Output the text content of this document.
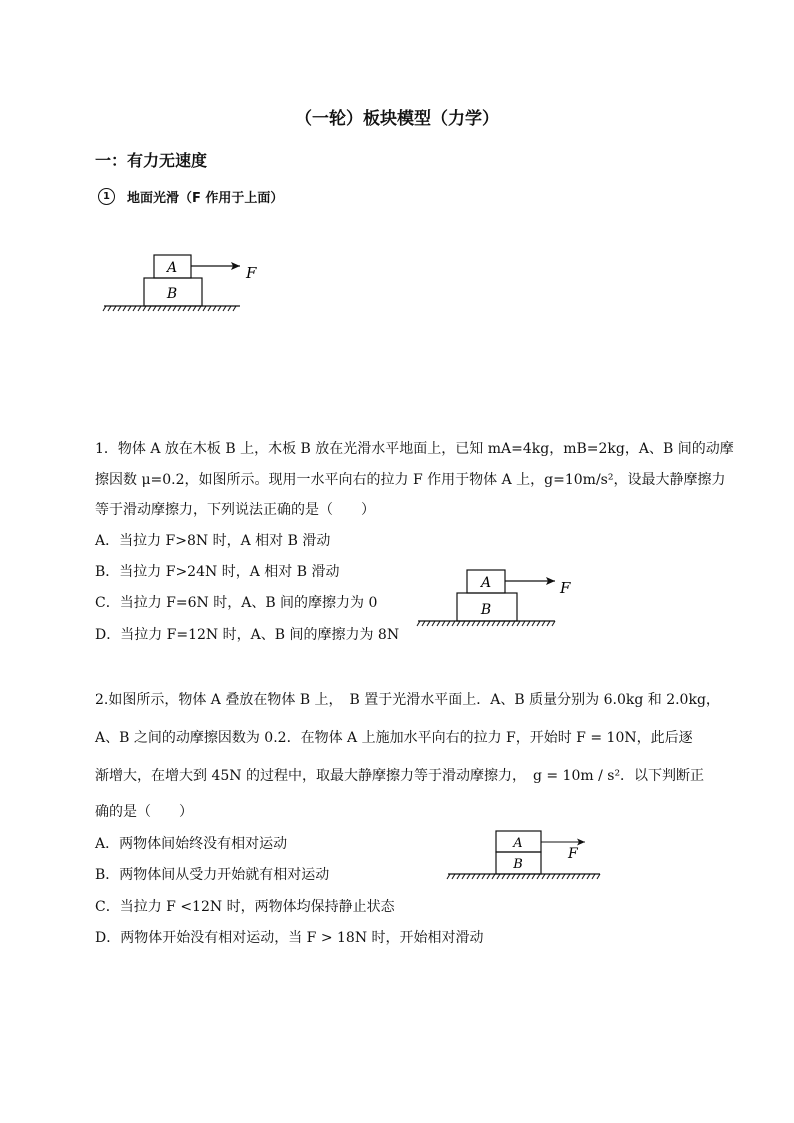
（一轮）板块模型（力学）
一：有力无速度
1	地面光滑（F 作用于上面）
A
B
F
1．物体 A 放在木板 B 上，木板 B 放在光滑水平地面上，已知 mA=4kg，mB=2kg，A、B 间的动摩
擦因数 μ=0.2，如图所示。现用一水平向右的拉力 F 作用于物体 A 上，g=10m/s²，设最大静摩擦力
等于滑动摩擦力，下列说法正确的是（　　）
A．当拉力 F>8N 时，A 相对 B 滑动
B．当拉力 F>24N 时，A 相对 B 滑动
C．当拉力 F=6N 时，A、B 间的摩擦力为 0
D．当拉力 F=12N 时，A、B 间的摩擦力为 8N
A
B
F
2.如图所示，物体 A 叠放在物体 B 上，　B 置于光滑水平面上．A、B 质量分别为 6.0kg 和 2.0kg，
A、B 之间的动摩擦因数为 0.2．在物体 A 上施加水平向右的拉力 F，开始时 F = 10N，此后逐
渐增大，在增大到 45N 的过程中，取最大静摩擦力等于滑动摩擦力，　g = 10m / s²．以下判断正
确的是（　　）
A．两物体间始终没有相对运动
B．两物体间从受力开始就有相对运动
C．当拉力 F <12N 时，两物体均保持静止状态
D．两物体开始没有相对运动，当 F > 18N 时，开始相对滑动
A
B
F
